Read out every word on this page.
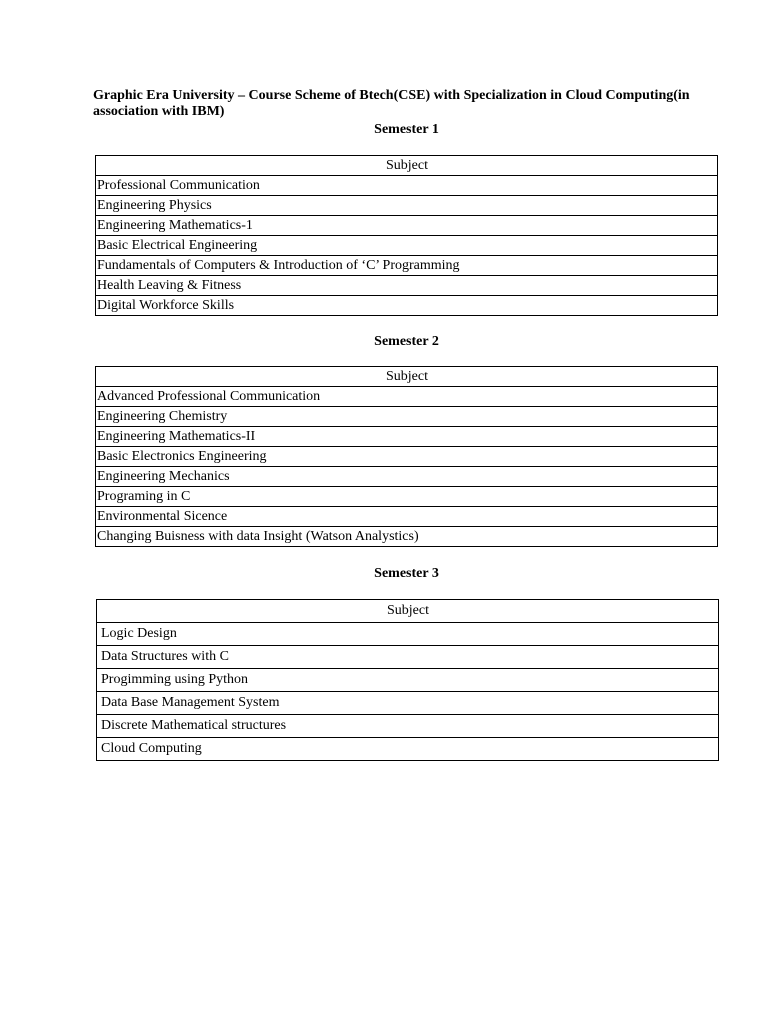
Graphic Era University – Course Scheme of Btech(CSE) with Specialization in Cloud Computing(in association with IBM)
Semester 1
Subject
Professional Communication
Engineering Physics
Engineering Mathematics-1
Basic Electrical Engineering
Fundamentals of Computers & Introduction of ‘C’ Programming
Health Leaving & Fitness
Digital Workforce Skills
Semester 2
Subject
Advanced Professional Communication
Engineering Chemistry
Engineering Mathematics-II
Basic Electronics Engineering
Engineering Mechanics
Programing in C
Environmental Sicence
Changing Buisness with data Insight (Watson Analystics)
Semester 3
Subject
Logic Design
Data Structures with C
Progimming using Python
Data Base Management System
Discrete Mathematical structures
Cloud Computing
